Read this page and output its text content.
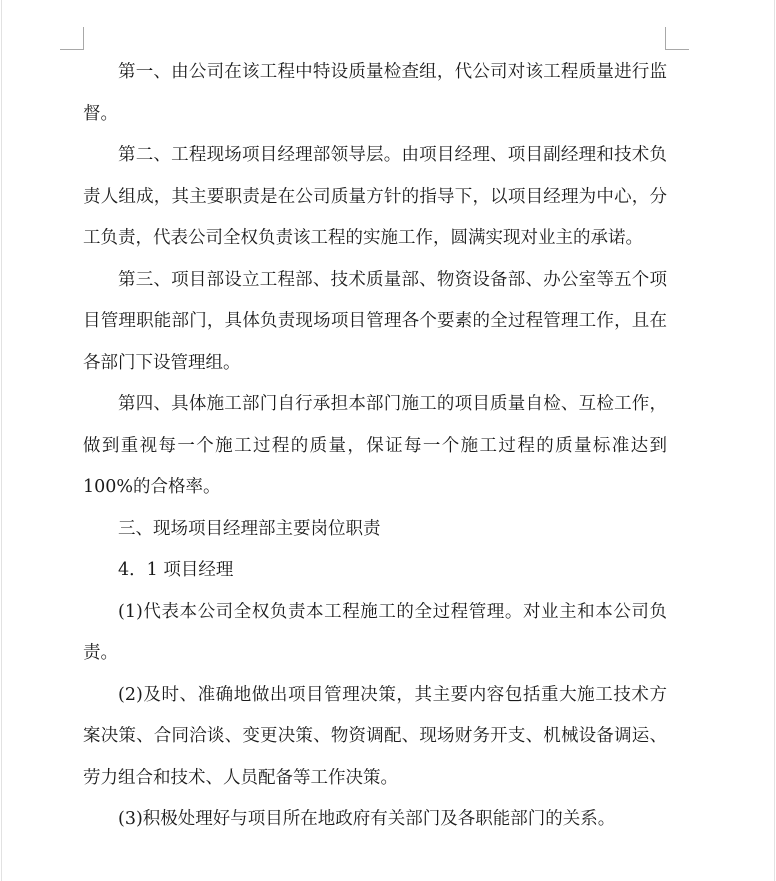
第一、由公司在该工程中特设质量检查组，代公司对该工程质量进行监督。

第二、工程现场项目经理部领导层。由项目经理、项目副经理和技术负责人组成，其主要职责是在公司质量方针的指导下，以项目经理为中心，分工负责，代表公司全权负责该工程的实施工作，圆满实现对业主的承诺。

第三、项目部设立工程部、技术质量部、物资设备部、办公室等五个项目管理职能部门，具体负责现场项目管理各个要素的全过程管理工作，且在各部门下设管理组。

第四、具体施工部门自行承担本部门施工的项目质量自检、互检工作，做到重视每一个施工过程的质量，保证每一个施工过程的质量标准达到 100%的合格率。

三、现场项目经理部主要岗位职责

4．1 项目经理

(1)代表本公司全权负责本工程施工的全过程管理。对业主和本公司负责。

(2)及时、准确地做出项目管理决策，其主要内容包括重大施工技术方案决策、合同洽谈、变更决策、物资调配、现场财务开支、机械设备调运、劳力组合和技术、人员配备等工作决策。

(3)积极处理好与项目所在地政府有关部门及各职能部门的关系。
